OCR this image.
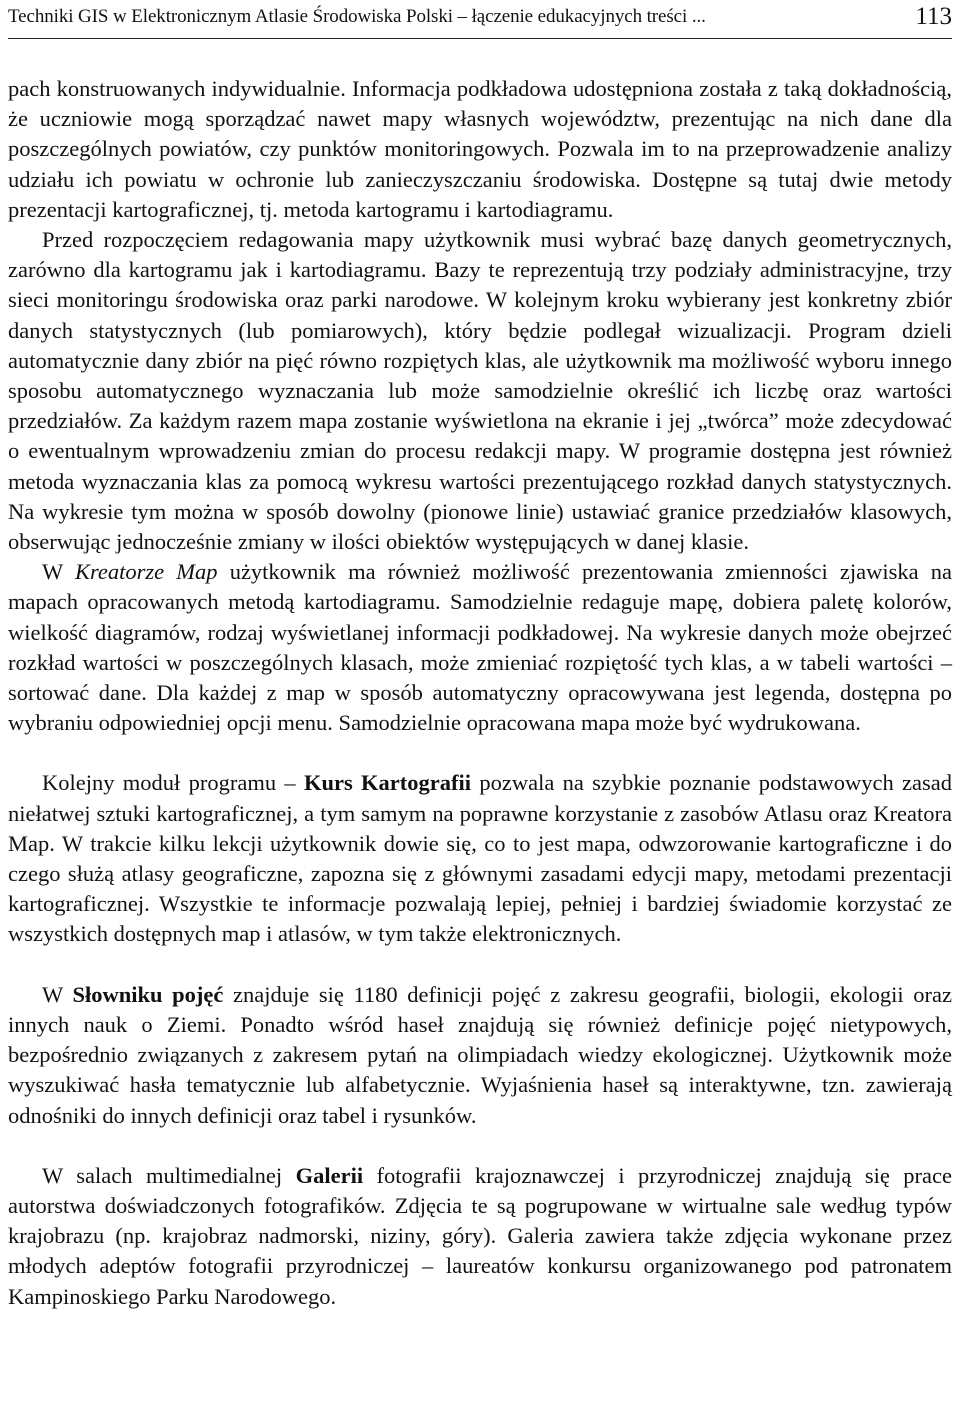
Techniki GIS w Elektronicznym Atlasie Środowiska Polski – łączenie edukacyjnych treści ...	113

pach konstruowanych indywidualnie. Informacja podkładowa udostępniona została z taką dokładnością, że uczniowie mogą sporządzać nawet mapy własnych województw, prezentując na nich dane dla poszczególnych powiatów, czy punktów monitoringowych. Pozwala im to na przeprowadzenie analizy udziału ich powiatu w ochronie lub zanieczyszczaniu środowiska. Dostępne są tutaj dwie metody prezentacji kartograficznej, tj. metoda kartogramu i kartodiagramu.

Przed rozpoczęciem redagowania mapy użytkownik musi wybrać bazę danych geometrycznych, zarówno dla kartogramu jak i kartodiagramu. Bazy te reprezentują trzy podziały administracyjne, trzy sieci monitoringu środowiska oraz parki narodowe. W kolejnym kroku wybierany jest konkretny zbiór danych statystycznych (lub pomiarowych), który będzie podlegał wizualizacji. Program dzieli automatycznie dany zbiór na pięć równo rozpiętych klas, ale użytkownik ma możliwość wyboru innego sposobu automatycznego wyznaczania lub może samodzielnie określić ich liczbę oraz wartości przedziałów. Za każdym razem mapa zostanie wyświetlona na ekranie i jej „twórca” może zdecydować o ewentualnym wprowadzeniu zmian do procesu redakcji mapy. W programie dostępna jest również metoda wyznaczania klas za pomocą wykresu wartości prezentującego rozkład danych statystycznych. Na wykresie tym można w sposób dowolny (pionowe linie) ustawiać granice przedziałów klasowych, obserwując jednocześnie zmiany w ilości obiektów występujących w danej klasie.

W Kreatorze Map użytkownik ma również możliwość prezentowania zmienności zjawiska na mapach opracowanych metodą kartodiagramu. Samodzielnie redaguje mapę, dobiera paletę kolorów, wielkość diagramów, rodzaj wyświetlanej informacji podkładowej. Na wykresie danych może obejrzeć rozkład wartości w poszczególnych klasach, może zmieniać rozpiętość tych klas, a w tabeli wartości – sortować dane. Dla każdej z map w sposób automatyczny opracowywana jest legenda, dostępna po wybraniu odpowiedniej opcji menu. Samodzielnie opracowana mapa może być wydrukowana.

Kolejny moduł programu – Kurs Kartografii pozwala na szybkie poznanie podstawowych zasad niełatwej sztuki kartograficznej, a tym samym na poprawne korzystanie z zasobów Atlasu oraz Kreatora Map. W trakcie kilku lekcji użytkownik dowie się, co to jest mapa, odwzorowanie kartograficzne i do czego służą atlasy geograficzne, zapozna się z głównymi zasadami edycji mapy, metodami prezentacji kartograficznej. Wszystkie te informacje pozwalają lepiej, pełniej i bardziej świadomie korzystać ze wszystkich dostępnych map i atlasów, w tym także elektronicznych.

W Słowniku pojęć znajduje się 1180 definicji pojęć z zakresu geografii, biologii, ekologii oraz innych nauk o Ziemi. Ponadto wśród haseł znajdują się również definicje pojęć nietypowych, bezpośrednio związanych z zakresem pytań na olimpiadach wiedzy ekologicznej. Użytkownik może wyszukiwać hasła tematycznie lub alfabetycznie. Wyjaśnienia haseł są interaktywne, tzn. zawierają odnośniki do innych definicji oraz tabel i rysunków.

W salach multimedialnej Galerii fotografii krajoznawczej i przyrodniczej znajdują się prace autorstwa doświadczonych fotografików. Zdjęcia te są pogrupowane w wirtualne sale według typów krajobrazu (np. krajobraz nadmorski, niziny, góry). Galeria zawiera także zdjęcia wykonane przez młodych adeptów fotografii przyrodniczej – laureatów konkursu organizowanego pod patronatem Kampinoskiego Parku Narodowego.
